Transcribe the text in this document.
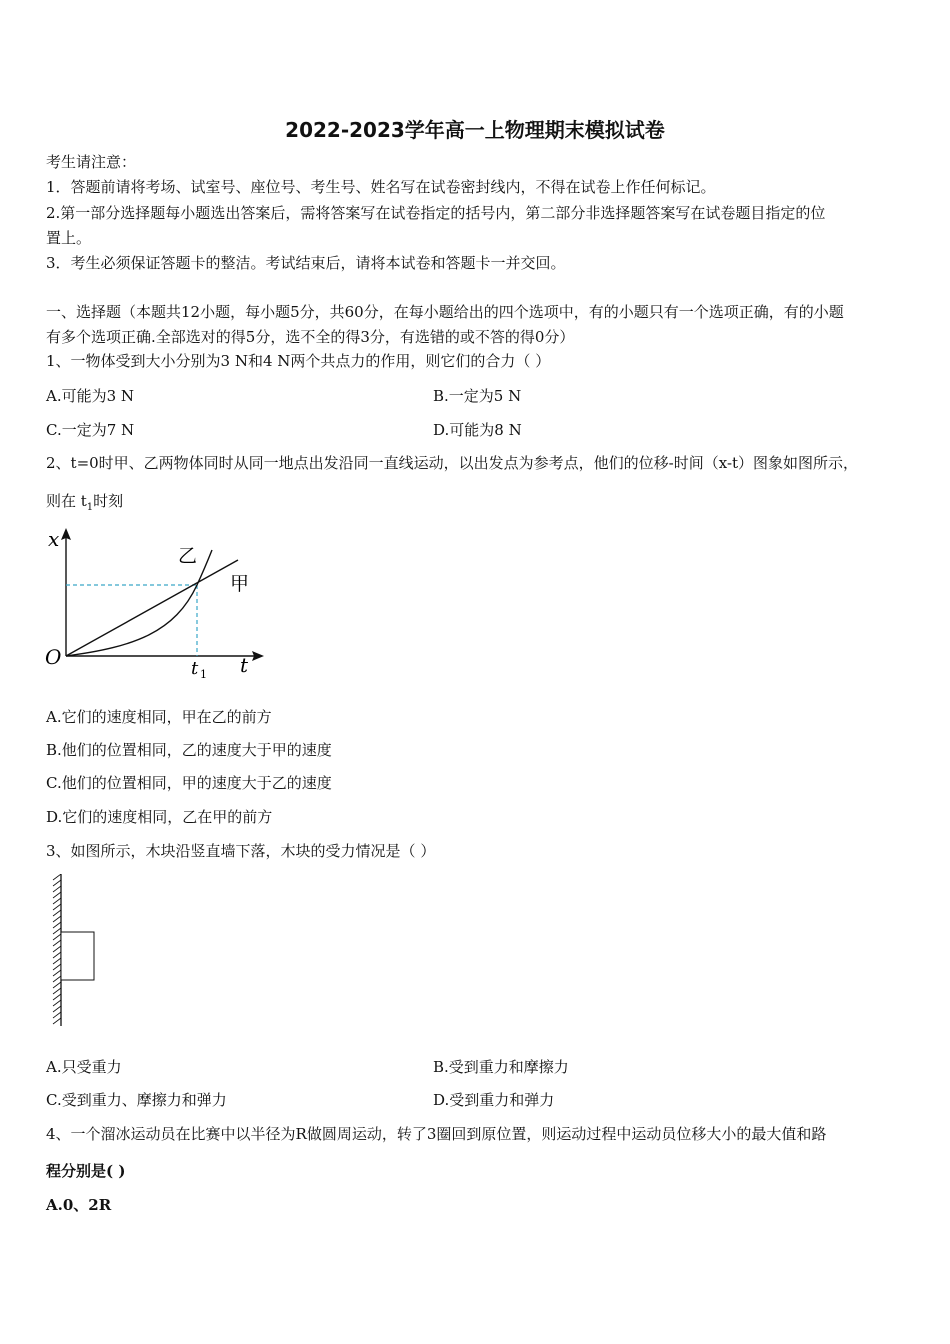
2022-2023学年高一上物理期末模拟试卷
考生请注意：
1．答题前请将考场、试室号、座位号、考生号、姓名写在试卷密封线内，不得在试卷上作任何标记。
2.第一部分选择题每小题选出答案后，需将答案写在试卷指定的括号内，第二部分非选择题答案写在试卷题目指定的位
置上。
3．考生必须保证答题卡的整洁。考试结束后，请将本试卷和答题卡一并交回。
一、选择题（本题共12小题，每小题5分，共60分，在每小题给出的四个选项中，有的小题只有一个选项正确，有的小题
有多个选项正确.全部选对的得5分，选不全的得3分，有选错的或不答的得0分）
1、一物体受到大小分别为3 N和4 N两个共点力的作用，则它们的合力（ ）
A.可能为3 N	B.一定为5 N
C.一定为7 N	D.可能为8 N
2、t=0时甲、乙两物体同时从同一地点出发沿同一直线运动，以出发点为参考点，他们的位移-时间（x-t）图象如图所示，
则在 $t_1$时刻
x
t
O	t 1
乙
甲
A.它们的速度相同，甲在乙的前方
B.他们的位置相同，乙的速度大于甲的速度
C.他们的位置相同，甲的速度大于乙的速度
D.它们的速度相同，乙在甲的前方
3、如图所示，木块沿竖直墙下落，木块的受力情况是（ ）
A.只受重力	B.受到重力和摩擦力
C.受到重力、摩擦力和弹力	D.受到重力和弹力
4、一个溜冰运动员在比赛中以半径为R做圆周运动，转了3圈回到原位置，则运动过程中运动员位移大小的最大值和路
程分别是( )
A.0、2R
